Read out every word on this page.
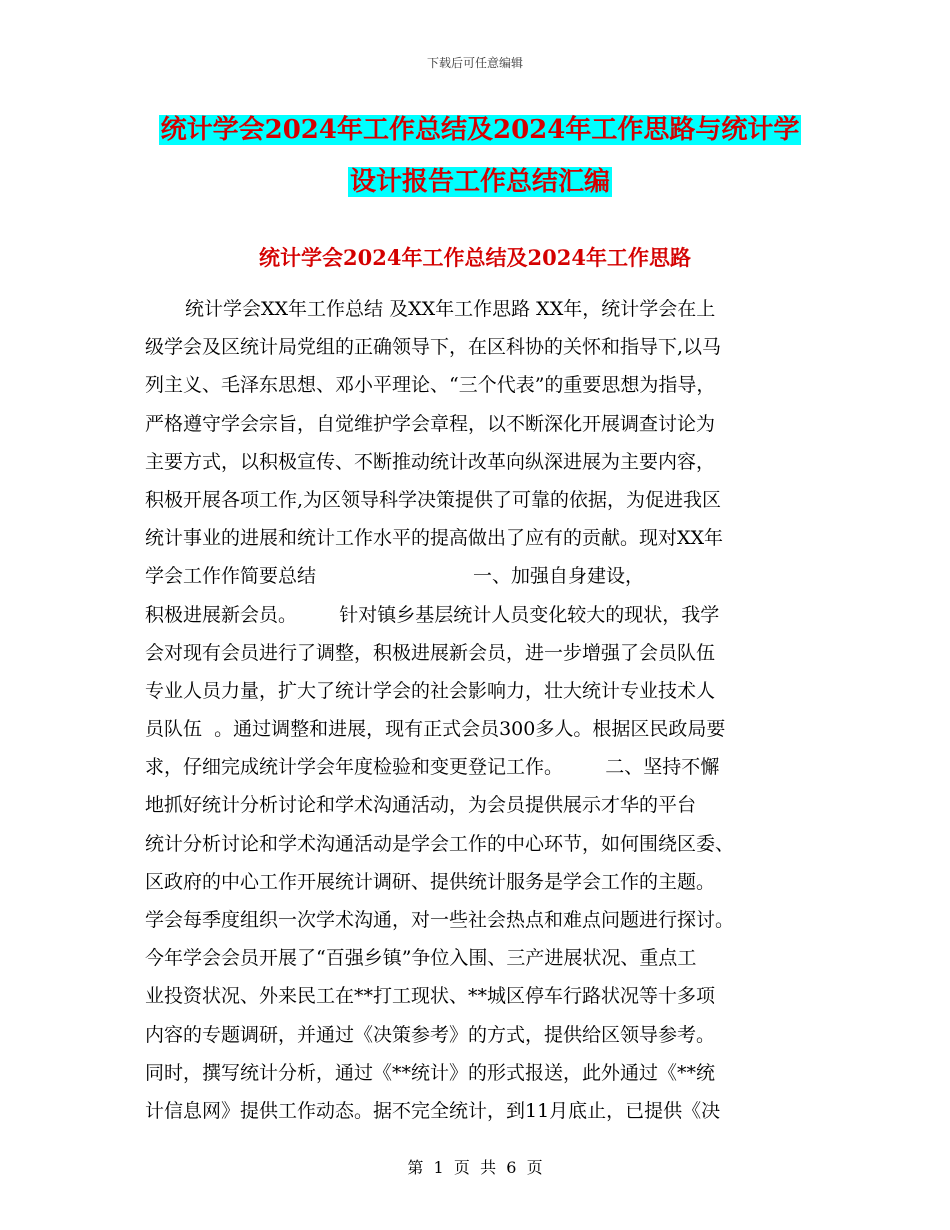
下载后可任意编辑
统计学会2024年工作总结及2024年工作思路与统计学设计报告工作总结汇编
统计学会2024年工作总结及2024年工作思路
统计学会XX年工作总结 及XX年工作思路 XX年，统计学会在上
级学会及区统计局党组的正确领导下，在区科协的关怀和指导下,以马
列主义、毛泽东思想、邓小平理论、“三个代表”的重要思想为指导，
严格遵守学会宗旨，自觉维护学会章程，以不断深化开展调查讨论为
主要方式，以积极宣传、不断推动统计改革向纵深进展为主要内容，
积极开展各项工作,为区领导科学决策提供了可靠的依据，为促进我区
统计事业的进展和统计工作水平的提高做出了应有的贡献。现对XX年
学会工作作简要总结                          一、加强自身建设，
积极进展新会员。       针对镇乡基层统计人员变化较大的现状，我学
会对现有会员进行了调整，积极进展新会员，进一步增强了会员队伍
专业人员力量，扩大了统计学会的社会影响力，壮大统计专业技术人
员队伍  。通过调整和进展，现有正式会员300多人。根据区民政局要
求，仔细完成统计学会年度检验和变更登记工作。       二、坚持不懈
地抓好统计分析讨论和学术沟通活动，为会员提供展示才华的平台
统计分析讨论和学术沟通活动是学会工作的中心环节，如何围绕区委、
区政府的中心工作开展统计调研、提供统计服务是学会工作的主题。
学会每季度组织一次学术沟通，对一些社会热点和难点问题进行探讨。
今年学会会员开展了“百强乡镇”争位入围、三产进展状况、重点工
业投资状况、外来民工在**打工现状、**城区停车行路状况等十多项
内容的专题调研，并通过《决策参考》的方式，提供给区领导参考。
同时，撰写统计分析，通过《**统计》的形式报送，此外通过《**统
计信息网》提供工作动态。据不完全统计，到11月底止，已提供《决
第  1  页  共  6  页
